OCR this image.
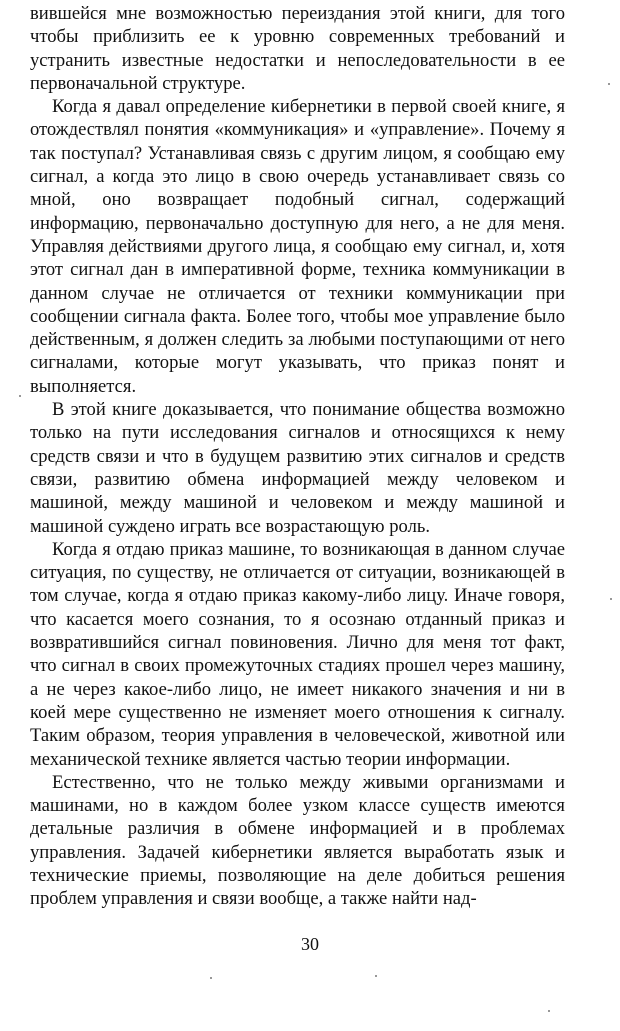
вившейся мне возможностью переиздания этой книги, для того чтобы приблизить ее к уровню современных требований и устранить известные недостатки и непоследовательности в ее первоначальной структуре.

Когда я давал определение кибернетики в первой своей книге, я отождествлял понятия «коммуникация» и «управление». Почему я так поступал? Устанавливая связь с другим лицом, я сообщаю ему сигнал, а когда это лицо в свою очередь устанавливает связь со мной, оно возвращает подобный сигнал, содержащий информацию, первоначально доступную для него, а не для меня. Управляя действиями другого лица, я сообщаю ему сигнал, и, хотя этот сигнал дан в императивной форме, техника коммуникации в данном случае не отличается от техники коммуникации при сообщении сигнала факта. Более того, чтобы мое управление было действенным, я должен следить за любыми поступающими от него сигналами, которые могут указывать, что приказ понят и выполняется.

В этой книге доказывается, что понимание общества возможно только на пути исследования сигналов и относящихся к нему средств связи и что в будущем развитию этих сигналов и средств связи, развитию обмена информацией между человеком и машиной, между машиной и человеком и между машиной и машиной суждено играть все возрастающую роль.

Когда я отдаю приказ машине, то возникающая в данном случае ситуация, по существу, не отличается от ситуации, возникающей в том случае, когда я отдаю приказ какому-либо лицу. Иначе говоря, что касается моего сознания, то я осознаю отданный приказ и возвратившийся сигнал повиновения. Лично для меня тот факт, что сигнал в своих промежуточных стадиях прошел через машину, а не через какое-либо лицо, не имеет никакого значения и ни в коей мере существенно не изменяет моего отношения к сигналу. Таким образом, теория управления в человеческой, животной или механической технике является частью теории информации.

Естественно, что не только между живыми организмами и машинами, но в каждом более узком классе существ имеются детальные различия в обмене информацией и в проблемах управления. Задачей кибернетики является выработать язык и технические приемы, позволяющие на деле добиться решения проблем управления и связи вообще, а также найти над-

30
